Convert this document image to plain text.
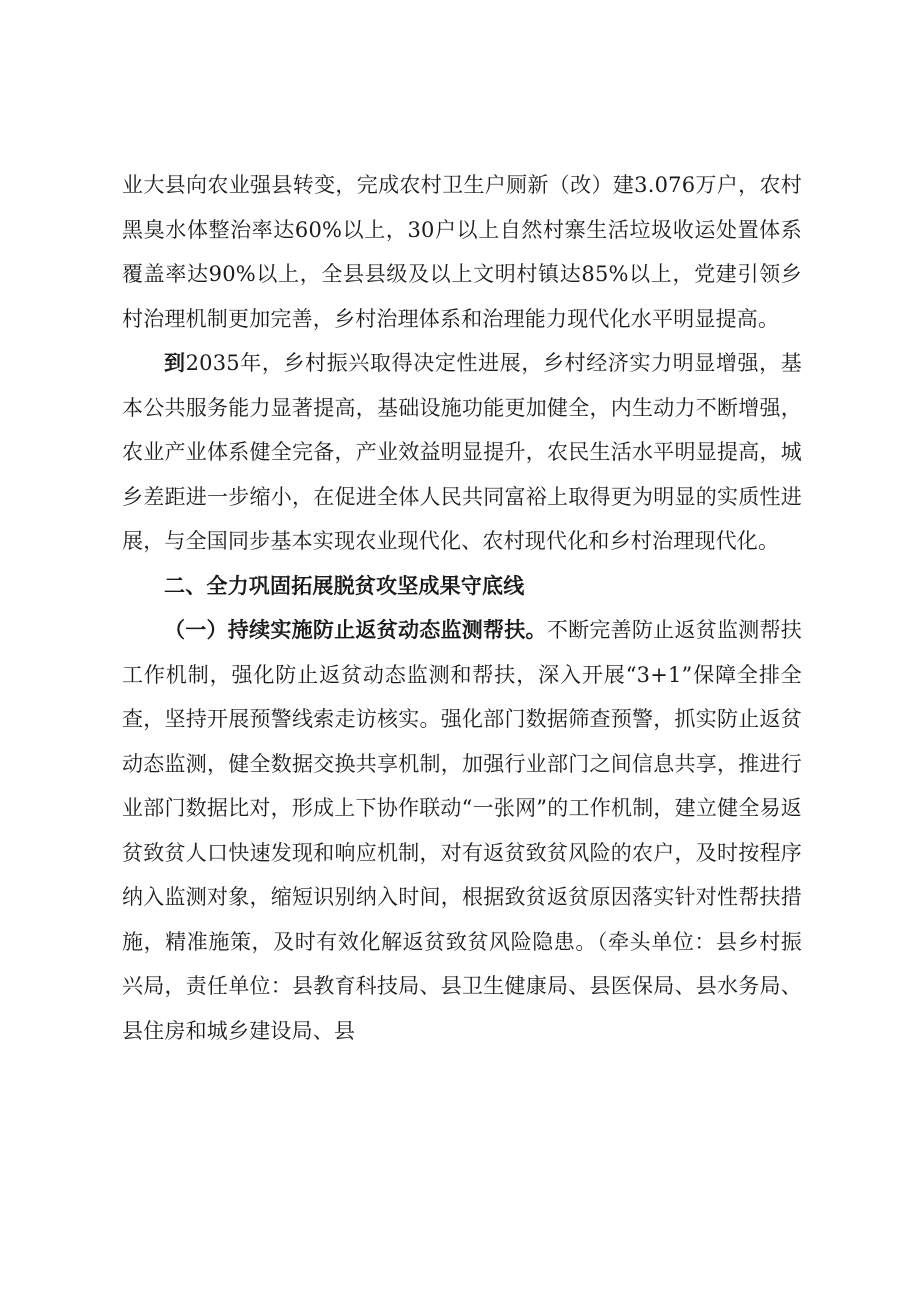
业大县向农业强县转变，完成农村卫生户厕新（改）建3.076万户，农村黑臭水体整治率达60%以上，30户以上自然村寨生活垃圾收运处置体系覆盖率达90%以上，全县县级及以上文明村镇达85%以上，党建引领乡村治理机制更加完善，乡村治理体系和治理能力现代化水平明显提高。

到2035年，乡村振兴取得决定性进展，乡村经济实力明显增强，基本公共服务能力显著提高，基础设施功能更加健全，内生动力不断增强，农业产业体系健全完备，产业效益明显提升，农民生活水平明显提高，城乡差距进一步缩小，在促进全体人民共同富裕上取得更为明显的实质性进展，与全国同步基本实现农业现代化、农村现代化和乡村治理现代化。

二、全力巩固拓展脱贫攻坚成果守底线

（一）持续实施防止返贫动态监测帮扶。不断完善防止返贫监测帮扶工作机制，强化防止返贫动态监测和帮扶，深入开展“3+1”保障全排全查，坚持开展预警线索走访核实。强化部门数据筛查预警，抓实防止返贫动态监测，健全数据交换共享机制，加强行业部门之间信息共享，推进行业部门数据比对，形成上下协作联动“一张网”的工作机制，建立健全易返贫致贫人口快速发现和响应机制，对有返贫致贫风险的农户，及时按程序纳入监测对象，缩短识别纳入时间，根据致贫返贫原因落实针对性帮扶措施，精准施策，及时有效化解返贫致贫风险隐患。（牵头单位：县乡村振兴局，责任单位：县教育科技局、县卫生健康局、县医保局、县水务局、县住房和城乡建设局、县
